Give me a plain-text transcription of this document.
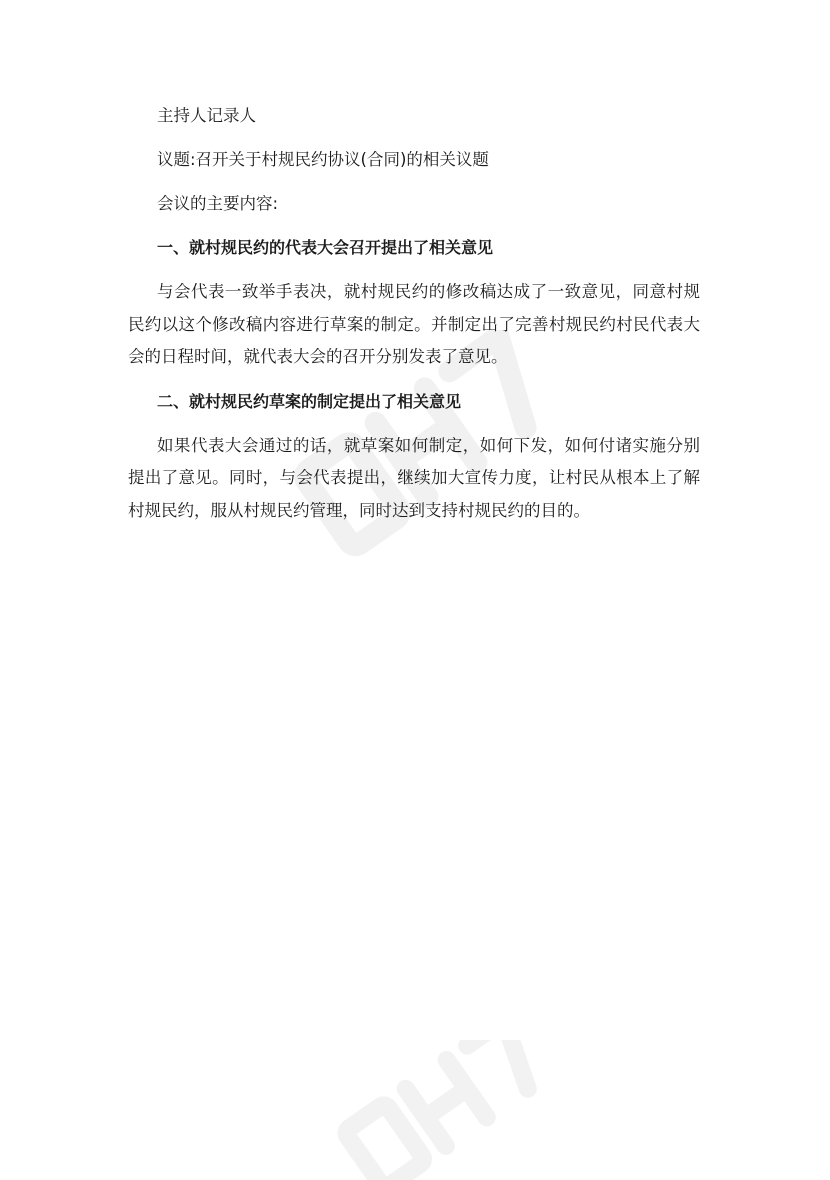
主持人记录人

议题:召开关于村规民约协议(合同)的相关议题

会议的主要内容:

一、就村规民约的代表大会召开提出了相关意见

与会代表一致举手表决，就村规民约的修改稿达成了一致意见，同意村规民约以这个修改稿内容进行草案的制定。并制定出了完善村规民约村民代表大会的日程时间，就代表大会的召开分别发表了意见。

二、就村规民约草案的制定提出了相关意见

如果代表大会通过的话，就草案如何制定，如何下发，如何付诸实施分别提出了意见。同时，与会代表提出，继续加大宣传力度，让村民从根本上了解村规民约，服从村规民约管理，同时达到支持村规民约的目的。
